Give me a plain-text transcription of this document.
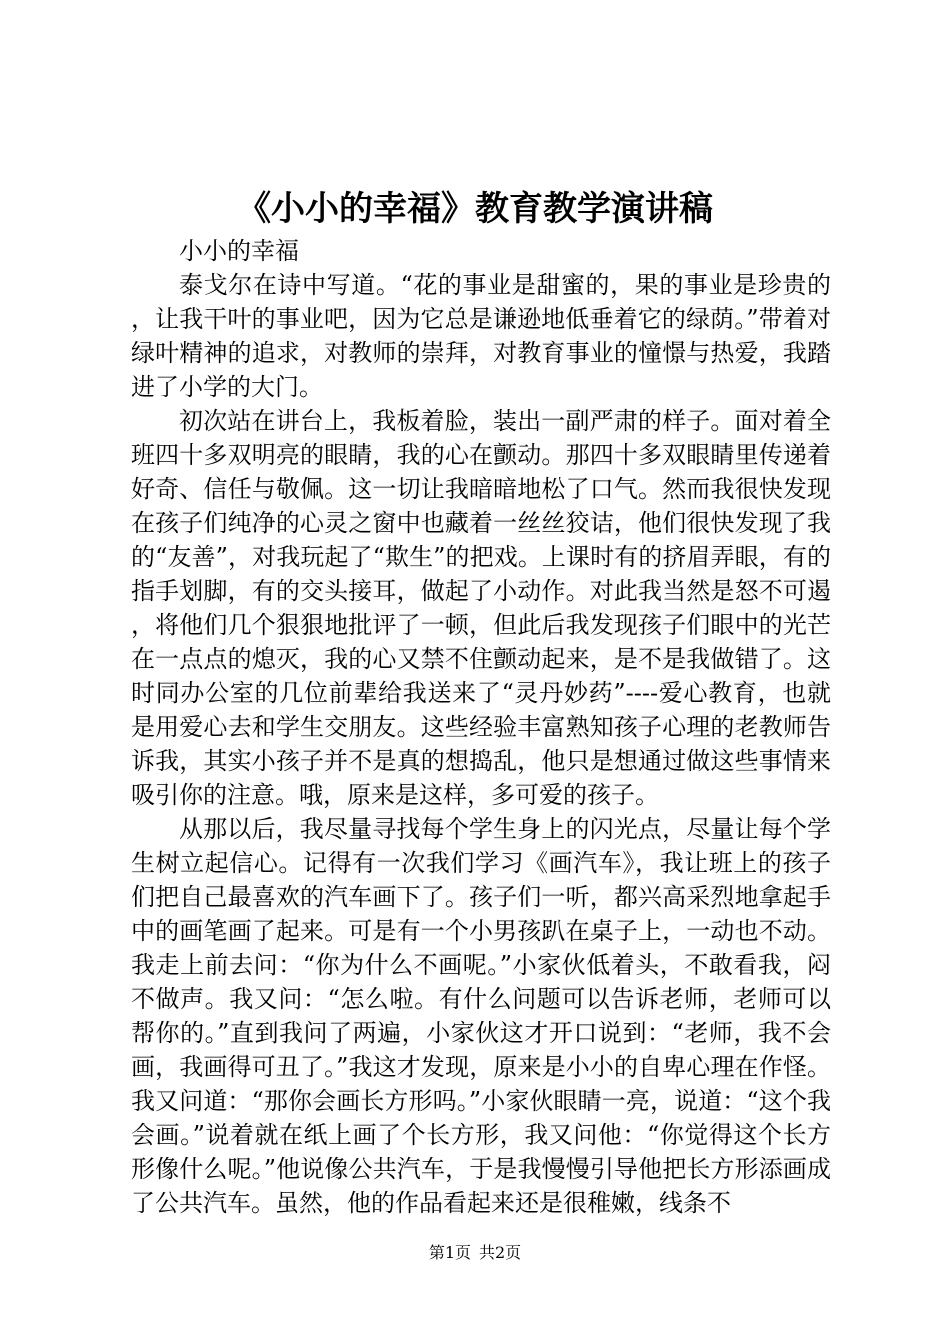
《小小的幸福》教育教学演讲稿

小小的幸福

泰戈尔在诗中写道。“花的事业是甜蜜的，果的事业是珍贵的，让我干叶的事业吧，因为它总是谦逊地低垂着它的绿荫。”带着对绿叶精神的追求，对教师的崇拜，对教育事业的憧憬与热爱，我踏进了小学的大门。

初次站在讲台上，我板着脸，装出一副严肃的样子。面对着全班四十多双明亮的眼睛，我的心在颤动。那四十多双眼睛里传递着好奇、信任与敬佩。这一切让我暗暗地松了口气。然而我很快发现在孩子们纯净的心灵之窗中也藏着一丝丝狡诘，他们很快发现了我的“友善”，对我玩起了“欺生”的把戏。上课时有的挤眉弄眼，有的指手划脚，有的交头接耳，做起了小动作。对此我当然是怒不可遏，将他们几个狠狠地批评了一顿，但此后我发现孩子们眼中的光芒在一点点的熄灭，我的心又禁不住颤动起来，是不是我做错了。这时同办公室的几位前辈给我送来了“灵丹妙药”----爱心教育，也就是用爱心去和学生交朋友。这些经验丰富熟知孩子心理的老教师告诉我，其实小孩子并不是真的想捣乱，他只是想通过做这些事情来吸引你的注意。哦，原来是这样，多可爱的孩子。

从那以后，我尽量寻找每个学生身上的闪光点，尽量让每个学生树立起信心。记得有一次我们学习《画汽车》，我让班上的孩子们把自己最喜欢的汽车画下了。孩子们一听，都兴高采烈地拿起手中的画笔画了起来。可是有一个小男孩趴在桌子上，一动也不动。我走上前去问：“你为什么不画呢。”小家伙低着头，不敢看我，闷不做声。我又问：“怎么啦。有什么问题可以告诉老师，老师可以帮你的。”直到我问了两遍，小家伙这才开口说到：“老师，我不会画，我画得可丑了。”我这才发现，原来是小小的自卑心理在作怪。我又问道：“那你会画长方形吗。”小家伙眼睛一亮，说道：“这个我会画。”说着就在纸上画了个长方形，我又问他：“你觉得这个长方形像什么呢。”他说像公共汽车，于是我慢慢引导他把长方形添画成了公共汽车。虽然，他的作品看起来还是很稚嫩，线条不

第1页 共2页
